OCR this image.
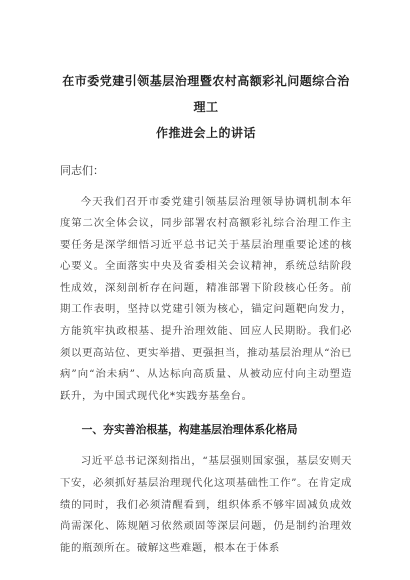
在市委党建引领基层治理暨农村高额彩礼问题综合治理工
作推进会上的讲话

同志们：

今天我们召开市委党建引领基层治理领导协调机制本年度第二次全体会议，同步部署农村高额彩礼综合治理工作主要任务是深学细悟习近平总书记关于基层治理重要论述的核心要义。全面落实中央及省委相关会议精神，系统总结阶段性成效，深刻剖析存在问题，精准部署下阶段核心任务。前期工作表明，坚持以党建引领为核心，锚定问题靶向发力，方能筑牢执政根基、提升治理效能、回应人民期盼。我们必须以更高站位、更实举措、更强担当，推动基层治理从“治已病”向“治未病”、从达标向高质量、从被动应付向主动塑造跃升，为中国式现代化*实践夯基垒台。

一、夯实善治根基，构建基层治理体系化格局

习近平总书记深刻指出，“基层强则国家强，基层安则天下安，必须抓好基层治理现代化这项基础性工作”。在肯定成绩的同时，我们必须清醒看到，组织体系不够牢固减负成效尚需深化、陈规陋习依然顽固等深层问题，仍是制约治理效能的瓶颈所在。破解这些难题，根本在于体系
